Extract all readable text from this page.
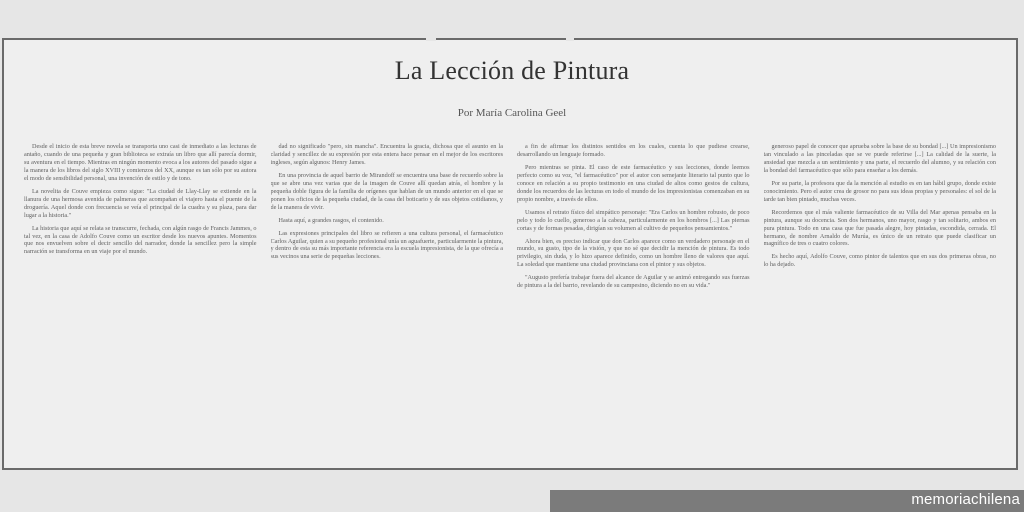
La Lección de Pintura
Por María Carolina Geel

Desde el inicio de esta breve novela se transporta uno casi de inmediato a las lecturas de antaño, cuando de una pequeña y gran biblioteca se extraía un libro que allí parecía dormir, su aventura en el tiempo. Mientras en ningún momento evoca a los autores del pasado sigue a la manera de los libros del siglo XVIII y comienzos del XX, aunque es tan sólo por su autora el modo de sensibilidad personal, una invención de estilo y de tono.

La novelita de Couve empieza como sigue: "La ciudad de Llay-Llay se extiende en la llanura de una hermosa avenida de palmeras que acompañan el viajero hasta el puente de la droguería. Aquel donde con frecuencia se veía el principal de la cuadra y su plaza, para dar lugar a la historia."

La historia que aquí se relata se transcurre, fechada, con algún rasgo de Francis Jammes, o tal vez, en la casa de Adolfo Couve como un escritor desde los nuevos apuntes. Momentos que nos envuelven sobre el decir sencillo del narrador, donde la sencillez pero la simple narración se transforma en un viaje por el mundo.

dad no significado "pero, sin mancha". Encuentra la gracia, dichosa que el asunto en la claridad y sencillez de su expresión por esta entera hace pensar en el mejor de los escritores ingleses, según algunos: Henry James.

En una provincia de aquel barrio de Mirandoff se encuentra una base de recuerdo sobre la que se abre una vez varias que de la imagen de Couve allí quedan atrás, el hombre y la pequeña doble figura de la familia de orígenes que hablan de un mundo anterior en el que se ponen los oficios de la pequeña ciudad, de la casa del boticario y de sus objetos cotidianos, y de la manera de vivir.

Hasta aquí, a grandes rasgos, el contenido.

Las expresiones principales del libro se refieren a una cultura personal, el farmacéutico Carlos Aguilar, quien a su pequeño profesional unía un aguafuerte, particularmente la pintura, y dentro de esta su más importante referencia era la escuela impresionista, de la que ofrecía a sus vecinos una serie de pequeñas lecciones.

a fin de afirmar los distintos sentidos en los cuales, cuenta lo que pudiese crearse, desarrollando un lenguaje formado.

Pero mientras se pinta. El caso de este farmacéutico y sus lecciones, donde leemos perfecto como su voz, "el farmacéutico" por el autor con semejante literario tal punto que lo conoce en relación a su propio testimonio en una ciudad de altos como gestos de cultura, donde los recuerdos de las lecturas en todo el mundo de los impresionistas comenzaban en su propio nombre, a través de ellos.

Usamos el retrato físico del simpático personaje: "Era Carlos un hombre robusto, de poco pelo y todo lo cuello, generoso a la cabeza, particularmente en los hombros [...] Las piernas cortas y de formas pesadas, dirigían su volumen al cultivo de pequeños pensamientos."

Ahora bien, es preciso indicar que don Carlos aparece como un verdadero personaje en el mundo, su gusto, tipo de la visión, y que no sé que decidir la mención de pintura. Es todo privilegio, sin duda, y lo hizo aparece definido, como un hombre lleno de valores que aquí. La soledad que mantiene una ciudad provinciana con el pintor y sus objetos.

"Augusto prefería trabajar fuera del alcance de Aguilar y se animó entregando sus fuerzas de pintura a la del barrio, revelando de su campesino, diciendo no en su vida."

generoso papel de conocer que aprueba sobre la base de su bondad [...] Un impresionismo tan vinculado a las pinceladas que se ve puede referirse [...] La calidad de la suerte, la ansiedad que mezcla a un sentimiento y una parte, el recuerdo del alumno, y su relación con la bondad del farmacéutico que sólo para enseñar a los demás.

Por su parte, la profesora que da la mención al estudio es en tan hábil grupo, donde existe conocimiento. Pero el autor crea de grosor no para sus ideas propias y personales: el sol de la tarde tan bien pintado, muchas veces.

Recordemos que el más valiente farmacéutico de su Villa del Mar apenas pensaba en la pintura, aunque su docencia. Son dos hermanos, uno mayor, rasgo y tan solitario, ambos en pura pintura. Todo en una casa que fue pasada alegre, hoy pintadas, escondida, cerrada. El hermano, de nombre Arnaldo de Murúa, es único de un retrato que puede clasificar un magnífico de tres o cuatro colores.

Es hecho aquí, Adolfo Couve, como pintor de talentos que en sus dos primeras obras, no lo ha dejado.

memoriachilena
